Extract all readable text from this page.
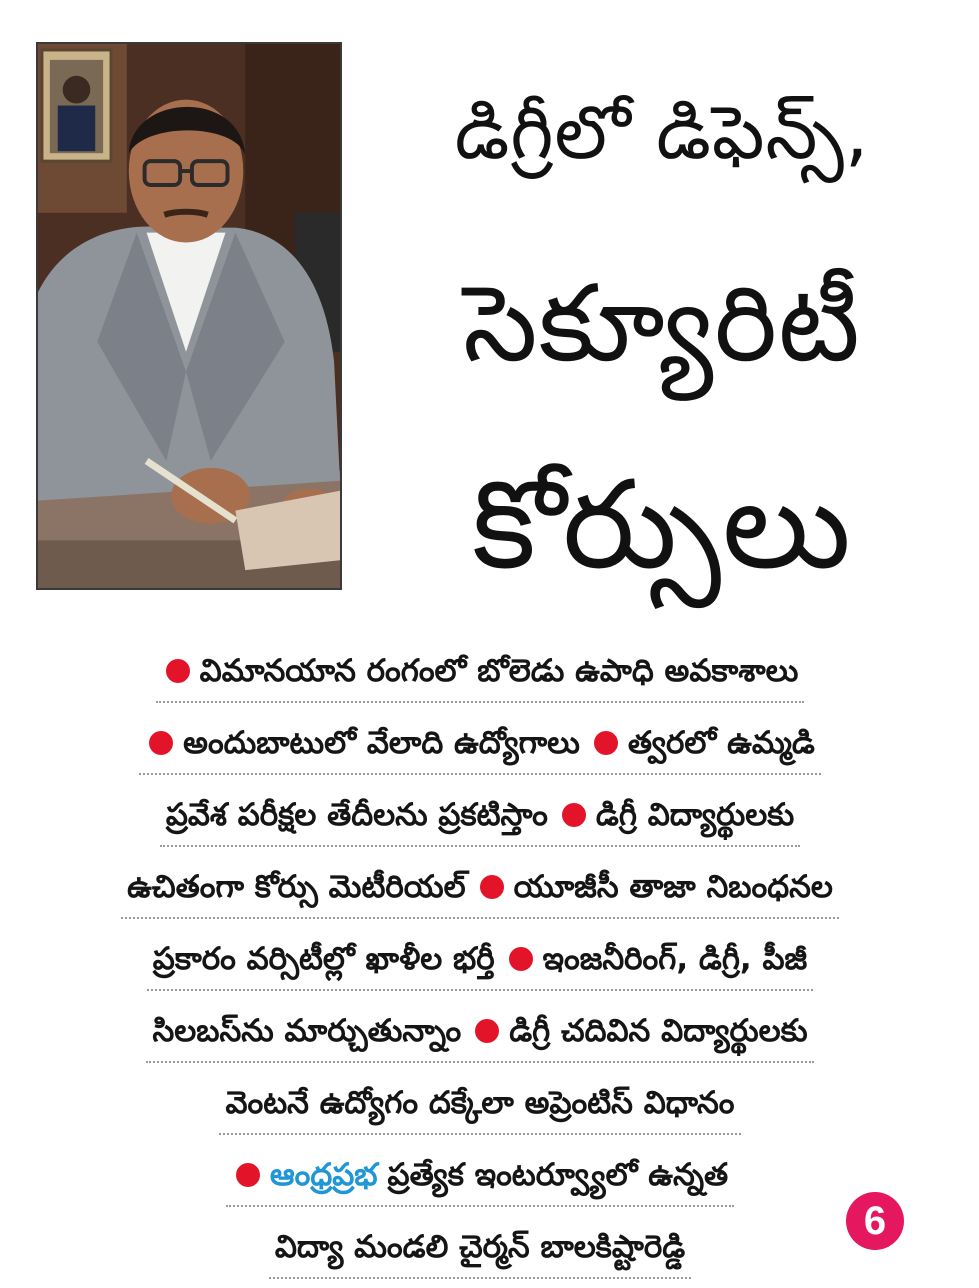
డిగ్రీలో డిఫెన్స్,
సెక్యూరిటీ
కోర్సులు
విమానయాన రంగంలో బోలెడు ఉపాధి అవకాశాలు
అందుబాటులో వేలాది ఉద్యోగాలు త్వరలో ఉమ్మడి
ప్రవేశ పరీక్షల తేదీలను ప్రకటిస్తాం డిగ్రీ విద్యార్థులకు
ఉచితంగా కోర్సు మెటీరియల్ యూజీసీ తాజా నిబంధనల
ప్రకారం వర్సిటీల్లో ఖాళీల భర్తీ ఇంజనీరింగ్, డిగ్రీ, పీజీ
సిలబస్‌ను మార్చుతున్నాం డిగ్రీ చదివిన విద్యార్థులకు
వెంటనే ఉద్యోగం దక్కేలా అప్రెంటిస్ విధానం
ఆంధ్రప్రభ ప్రత్యేక ఇంటర్వ్యూలో ఉన్నత
విద్యా మండలి చైర్మన్ బాలకిష్టారెడ్డి
6
